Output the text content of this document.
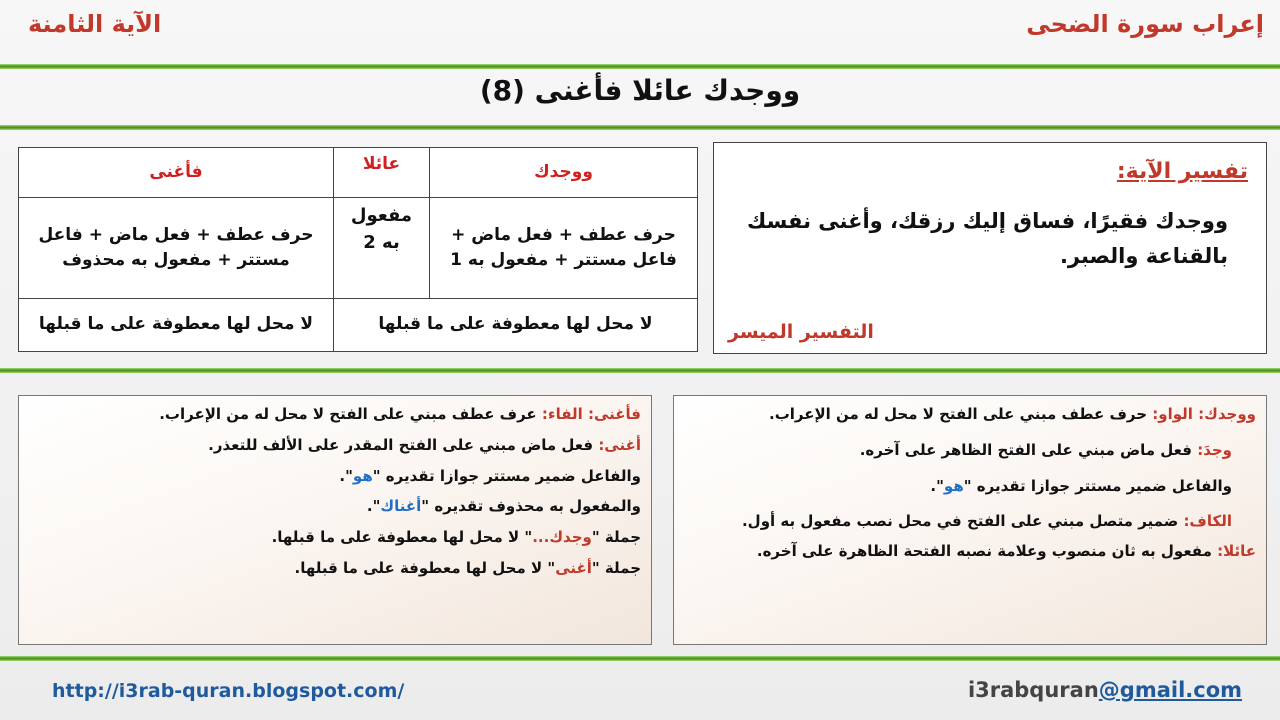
إعراب سورة الضحى
الآية الثامنة
ووجدك عائلا فأغنى (8)
ووجدك	عائلا	فأغنى
حرف عطف + فعل ماض + فاعل مستتر + مفعول به 1	مفعول به 2	حرف عطف + فعل ماض + فاعل مستتر + مفعول به محذوف
لا محل لها معطوفة على ما قبلها		لا محل لها معطوفة على ما قبلها
تفسير الآية:
ووجدك فقيرًا، فساق إليك رزقك، وأغنى نفسك بالقناعة والصبر.
التفسير الميسر

ووجدك: الواو: حرف عطف مبني على الفتح لا محل له من الإعراب.

وجدَ: فعل ماض مبني على الفتح الظاهر على آخره.

والفاعل ضمير مستتر جوازا تقديره "هو".

الكاف: ضمير متصل مبني على الفتح في محل نصب مفعول به أول.

عائلا: مفعول به ثان منصوب وعلامة نصبه الفتحة الظاهرة على آخره.

فأغنى: الفاء: عرف عطف مبني على الفتح لا محل له من الإعراب.

أغنى: فعل ماض مبني على الفتح المقدر على الألف للتعذر.

والفاعل ضمير مستتر جوازا تقديره "هو".

والمفعول به محذوف تقديره "أغناك".

جملة "وجدك..." لا محل لها معطوفة على ما قبلها.

جملة "أغنى" لا محل لها معطوفة على ما قبلها.

http://i3rab-quran.blogspot.com/	i3rabquran@gmail.com
